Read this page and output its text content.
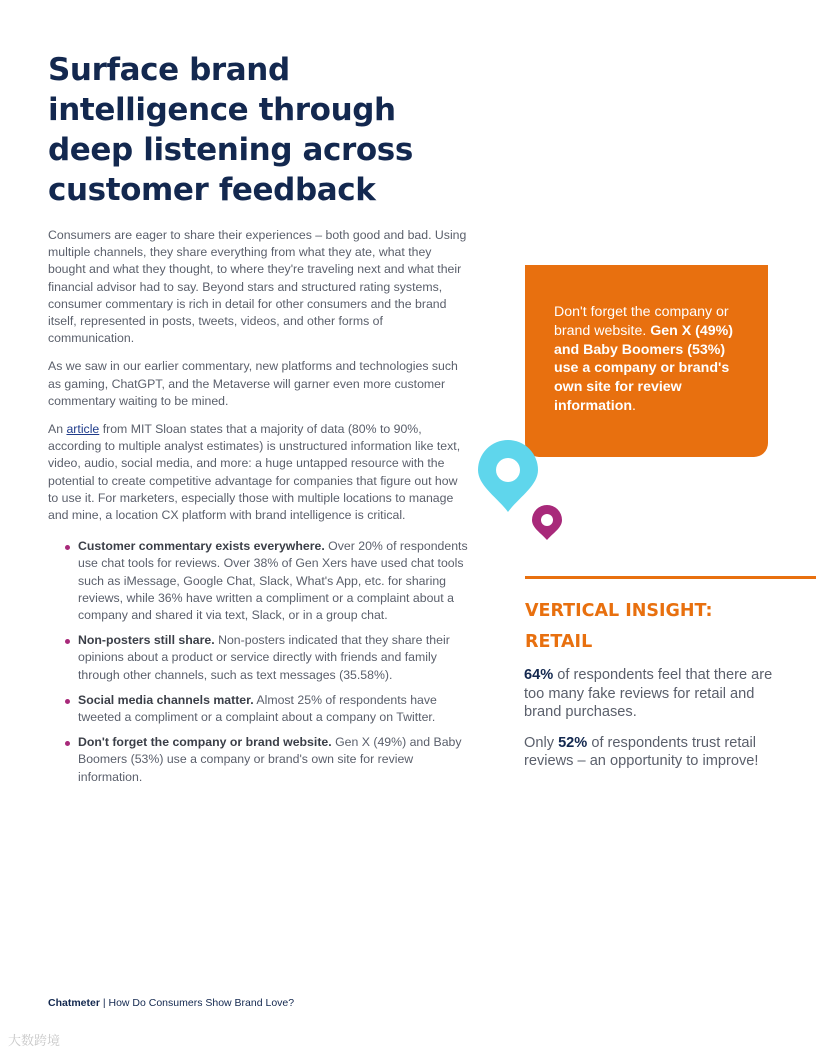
Surface brand intelligence through deep listening across customer feedback

Consumers are eager to share their experiences – both good and bad. Using multiple channels, they share everything from what they ate, what they bought and what they thought, to where they're traveling next and what their financial advisor had to say. Beyond stars and structured rating systems, consumer commentary is rich in detail for other consumers and the brand itself, represented in posts, tweets, videos, and other forms of communication.

As we saw in our earlier commentary, new platforms and technologies such as gaming, ChatGPT, and the Metaverse will garner even more customer commentary waiting to be mined.

An article from MIT Sloan states that a majority of data (80% to 90%, according to multiple analyst estimates) is unstructured information like text, video, audio, social media, and more: a huge untapped resource with the potential to create competitive advantage for companies that figure out how to use it. For marketers, especially those with multiple locations to manage and mine, a location CX platform with brand intelligence is critical.

Customer commentary exists everywhere. Over 20% of respondents use chat tools for reviews. Over 38% of Gen Xers have used chat tools such as iMessage, Google Chat, Slack, What's App, etc. for sharing reviews, while 36% have written a compliment or a complaint about a company and shared it via text, Slack, or in a group chat.
Non-posters still share. Non-posters indicated that they share their opinions about a product or service directly with friends and family through other channels, such as text messages (35.58%).
Social media channels matter. Almost 25% of respondents have tweeted a compliment or a complaint about a company on Twitter.
Don't forget the company or brand website. Gen X (49%) and Baby Boomers (53%) use a company or brand's own site for review information.
Don't forget the company or brand website. Gen X (49%) and Baby Boomers (53%) use a company or brand's own site for review information.
VERTICAL INSIGHT: RETAIL

64% of respondents feel that there are too many fake reviews for retail and brand purchases.

Only 52% of respondents trust retail reviews – an opportunity to improve!

Chatmeter | How Do Consumers Show Brand Love?
大数跨境
